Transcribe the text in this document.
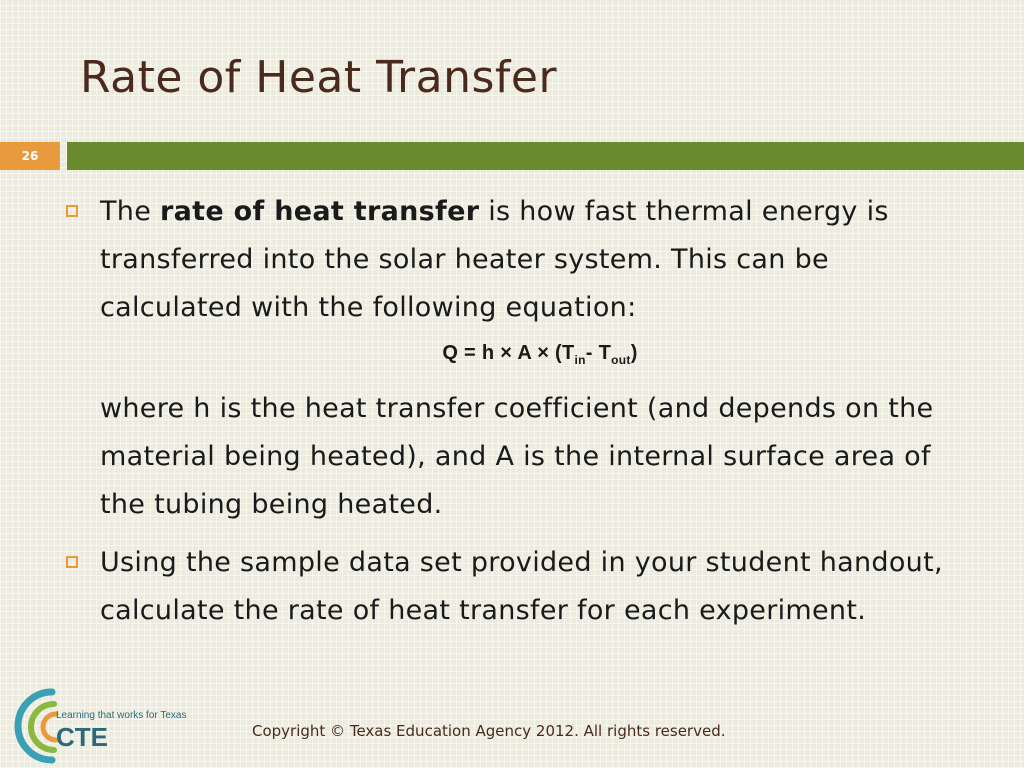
Rate of Heat Transfer
26
The rate of heat transfer is how fast thermal energy is transferred into the solar heater system. This can be calculated with the following equation:
$Q = h \times A \times (T_{in}-$ $T_{out}$)
where h is the heat transfer coefficient (and depends on the material being heated), and A is the internal surface area of the tubing being heated.
Using the sample data set provided in your student handout, calculate the rate of heat transfer for each experiment.
Learning that works for Texas
CTE	Copyright © Texas Education Agency 2012. All rights reserved.
